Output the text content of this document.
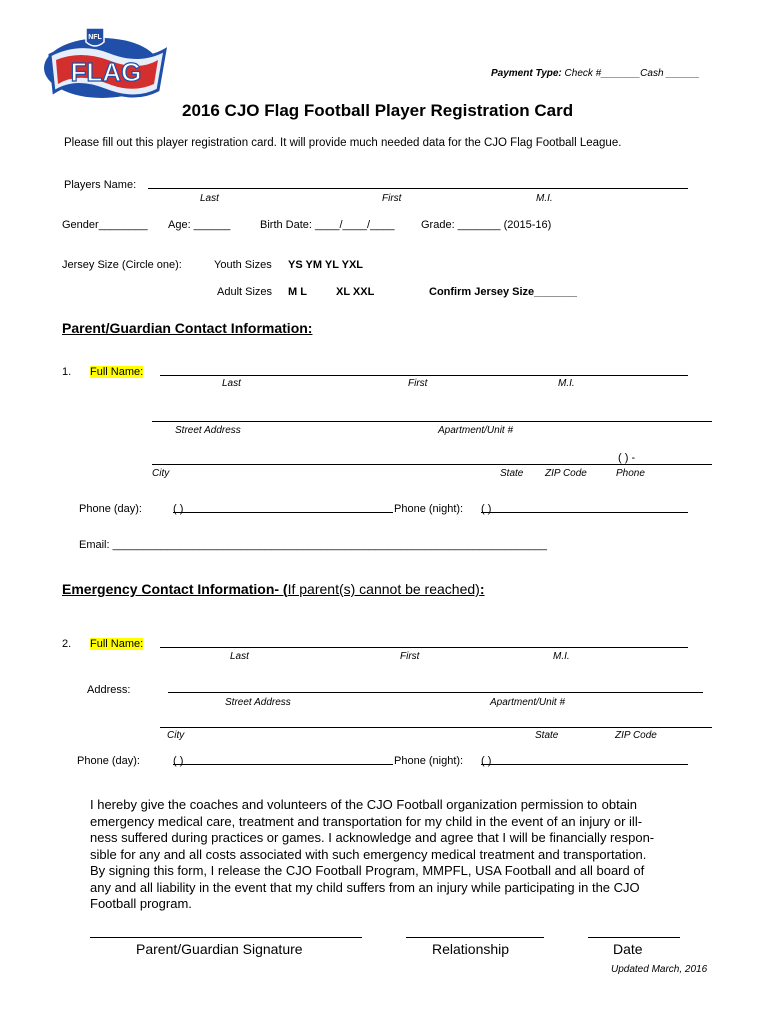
NFL
FLAG	Payment Type: Check #_______Cash ______
2016 CJO Flag Football Player Registration Card
Please fill out this player registration card. It will provide much needed data for the CJO Flag Football League.
Players Name:
Last	First	M.I.
Gender________ Age: ______	Birth Date: ____/____/____ Grade: _______ (2015-16)
Jersey Size (Circle one):	Youth Sizes YS YM YL YXL
Adult Sizes M L	XL XXL	Confirm Jersey Size_______
Parent/Guardian Contact Information:
1. Full Name:
Last	First	M.I.
Street Address	Apartment/Unit #
( ) -
City	State ZIP Code	Phone
Phone (day):	( )	Phone (night): ( )
Email: _______________________________________________________________________
Emergency Contact Information- (If parent(s) cannot be reached):
2. Full Name:
Last	First	M.I.
Address:
Street Address	Apartment/Unit #
City	State	ZIP Code
Phone (day):	( )	Phone (night): ( )
I hereby give the coaches and volunteers of the CJO Football organization permission to obtain
emergency medical care, treatment and transportation for my child in the event of an injury or ill-
ness suffered during practices or games. I acknowledge and agree that I will be financially respon-
sible for any and all costs associated with such emergency medical treatment and transportation.
By signing this form, I release the CJO Football Program, MMPFL, USA Football and all board of
any and all liability in the event that my child suffers from an injury while participating in the CJO
Football program.
Parent/Guardian Signature	Relationship	Date
Updated March, 2016
